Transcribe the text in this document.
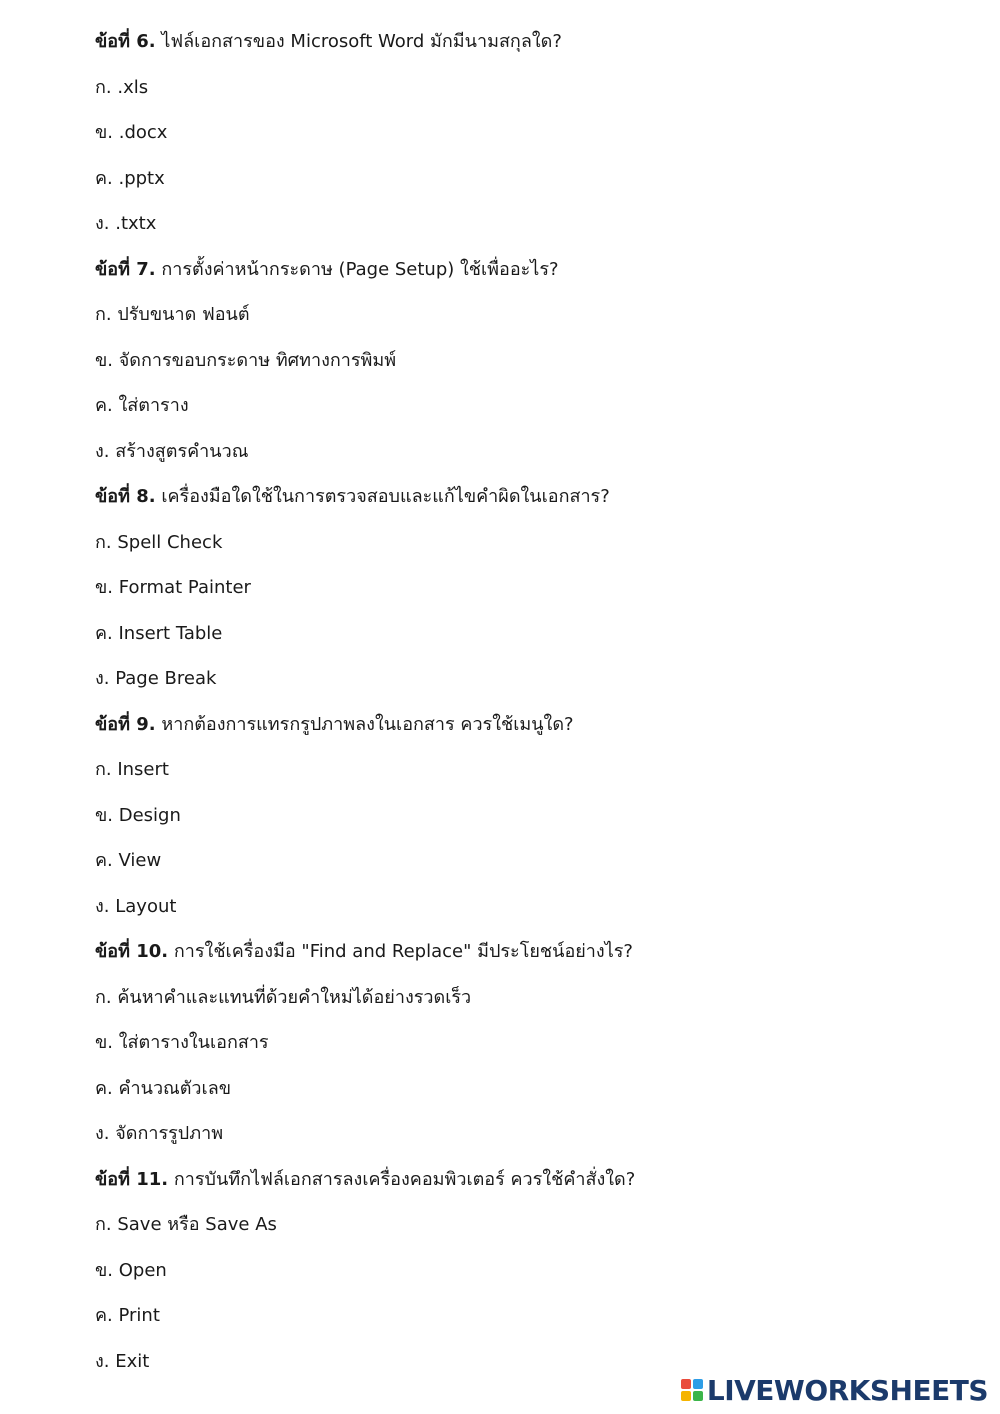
ข้อที่ 6. ไฟล์เอกสารของ Microsoft Word มักมีนามสกุลใด?
ก. .xls
ข. .docx
ค. .pptx
ง. .txtx
ข้อที่ 7. การตั้งค่าหน้ากระดาษ (Page Setup) ใช้เพื่ออะไร?
ก. ปรับขนาด ฟอนต์
ข. จัดการขอบกระดาษ ทิศทางการพิมพ์
ค. ใส่ตาราง
ง. สร้างสูตรคำนวณ
ข้อที่ 8. เครื่องมือใดใช้ในการตรวจสอบและแก้ไขคำผิดในเอกสาร?
ก. Spell Check
ข. Format Painter
ค. Insert Table
ง. Page Break
ข้อที่ 9. หากต้องการแทรกรูปภาพลงในเอกสาร ควรใช้เมนูใด?
ก. Insert
ข. Design
ค. View
ง. Layout
ข้อที่ 10. การใช้เครื่องมือ "Find and Replace" มีประโยชน์อย่างไร?
ก. ค้นหาคำและแทนที่ด้วยคำใหม่ได้อย่างรวดเร็ว
ข. ใส่ตารางในเอกสาร
ค. คำนวณตัวเลข
ง. จัดการรูปภาพ
ข้อที่ 11. การบันทึกไฟล์เอกสารลงเครื่องคอมพิวเตอร์ ควรใช้คำสั่งใด?
ก. Save หรือ Save As
ข. Open
ค. Print
ง. Exit
LIVEWORKSHEETS
